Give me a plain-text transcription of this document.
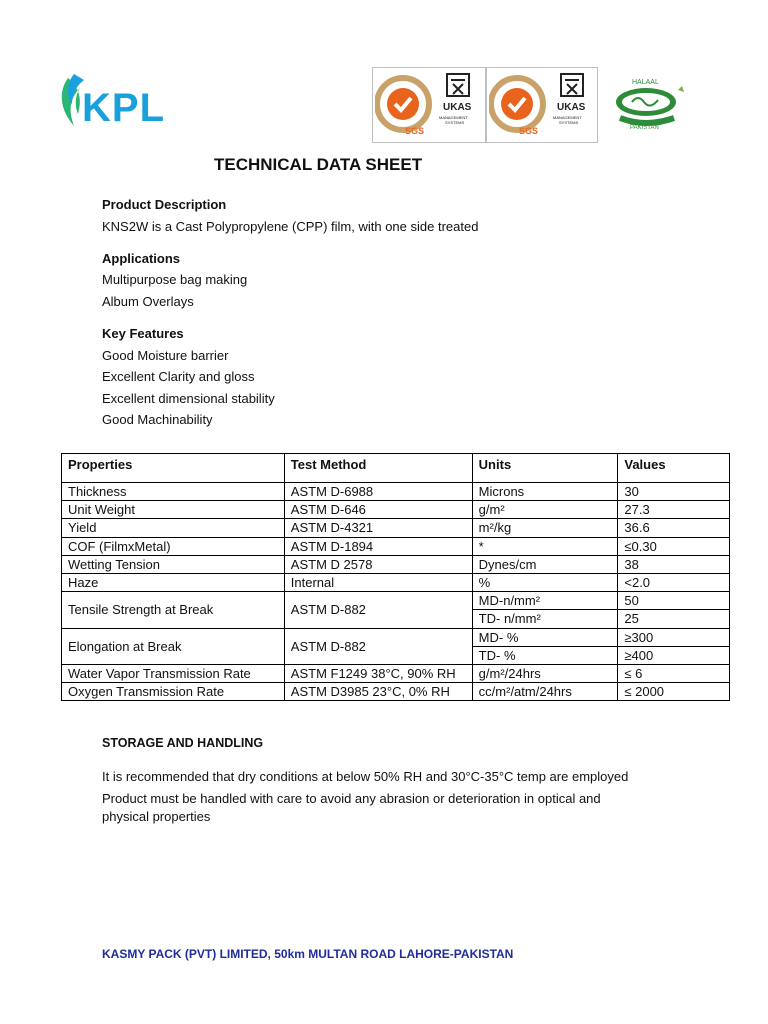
KPL
SGS
UKAS
MANAGEMENT
SYSTEMS
SGS
UKAS
MANAGEMENT
SYSTEMS
HALAAL
PAKISTAN
TECHNICAL DATA SHEET
Product Description
KNS2W is a Cast Polypropylene (CPP) film, with one side treated
Applications
Multipurpose bag making
Album Overlays
Key Features
Good Moisture barrier
Excellent Clarity and gloss
Excellent dimensional stability
Good Machinability
Properties	Test Method	Units	Values
Thickness	ASTM D-6988	Microns	30
Unit Weight	ASTM D-646	g/m²	27.3
Yield	ASTM D-4321	m²/kg	36.6
COF (FilmxMetal)	ASTM D-1894	*	≤0.30
Wetting Tension	ASTM D 2578	Dynes/cm	38
Haze	Internal	%	<2.0
Tensile Strength at Break	ASTM D-882	MD-n/mm²	50
		TD- n/mm²	25
Elongation at Break	ASTM D-882	MD- %	≥300
		TD- %	≥400
Water Vapor Transmission Rate	ASTM F1249 38°C, 90% RH	g/m²/24hrs	≤ 6
Oxygen Transmission Rate	ASTM D3985 23°C, 0% RH	cc/m²/atm/24hrs	≤ 2000
STORAGE AND HANDLING
It is recommended that dry conditions at below 50% RH and 30°C-35°C temp are employed
Product must be handled with care to avoid any abrasion or deterioration in optical and
physical properties
KASMY PACK (PVT) LIMITED, 50km MULTAN ROAD LAHORE-PAKISTAN
